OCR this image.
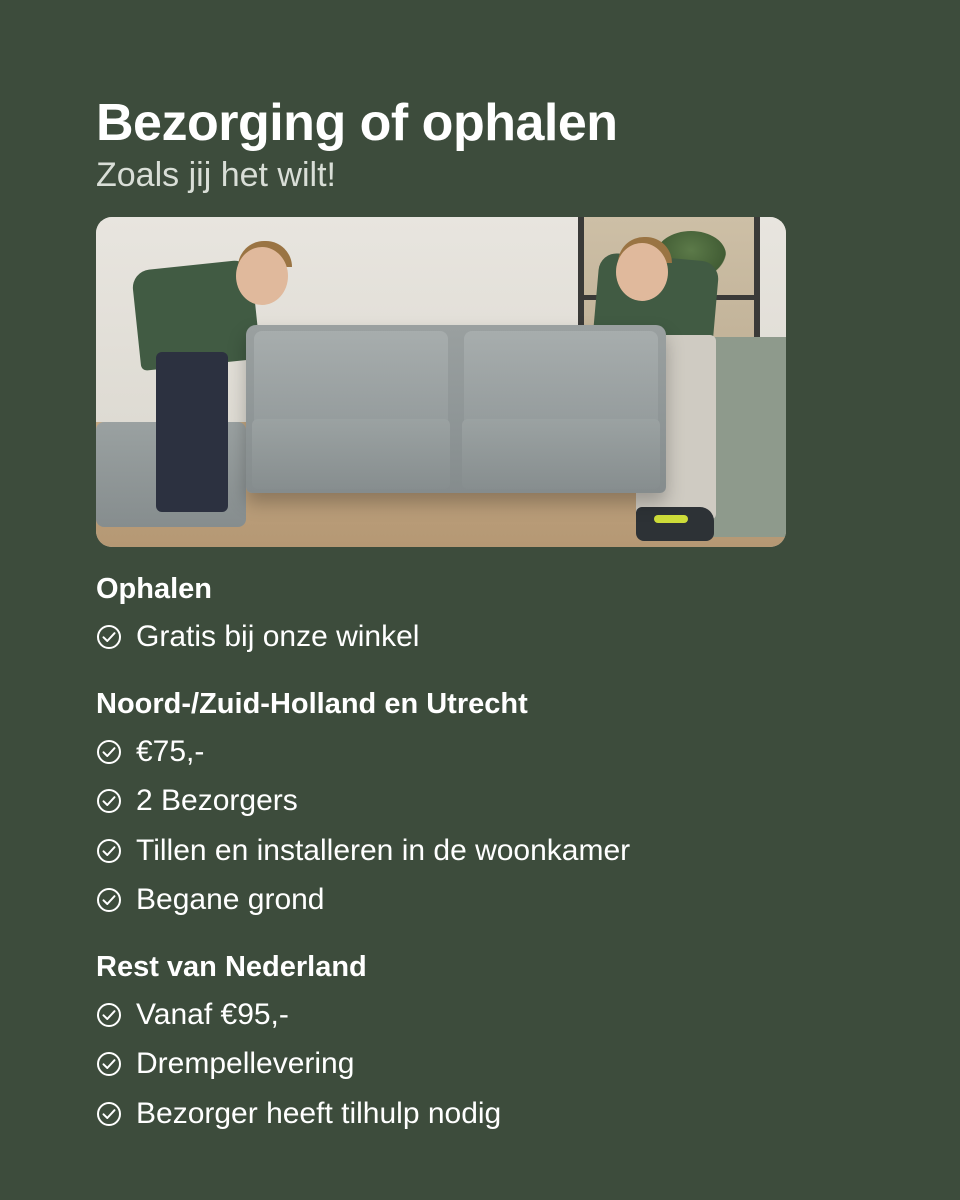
Bezorging of ophalen
Zoals jij het wilt!
Ophalen
Gratis bij onze winkel
Noord-/Zuid-Holland en Utrecht
€75,-
2 Bezorgers
Tillen en installeren in de woonkamer
Begane grond
Rest van Nederland
Vanaf €95,-
Drempellevering
Bezorger heeft tilhulp nodig
